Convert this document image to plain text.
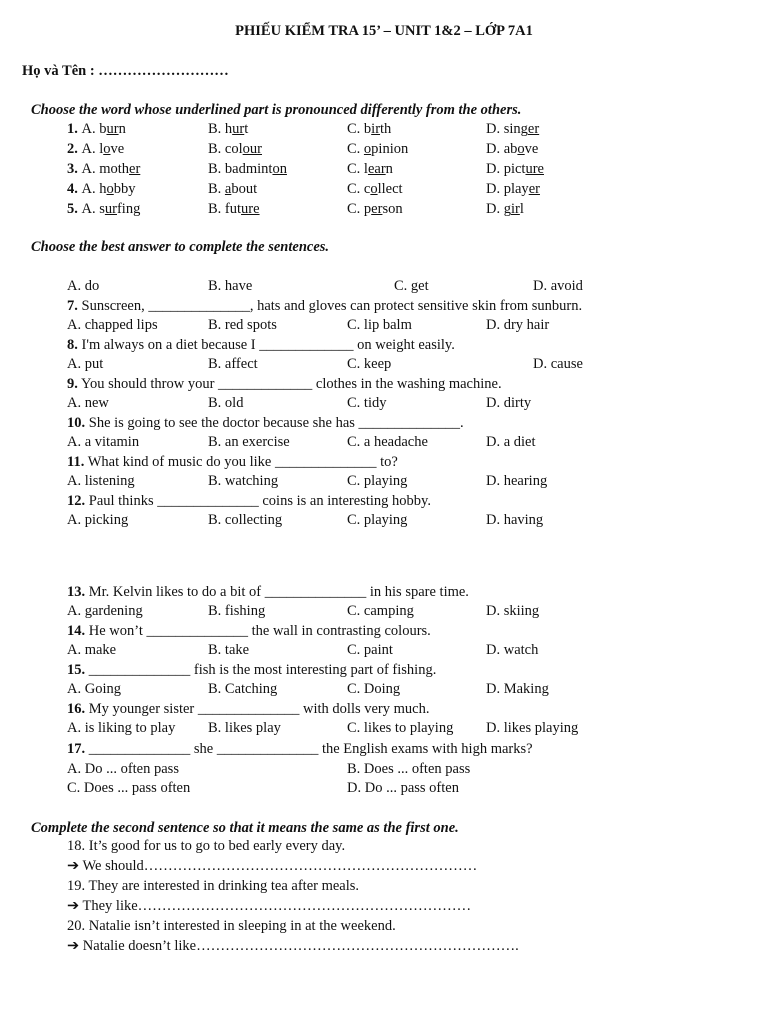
PHIẾU KIỂM TRA 15’ – UNIT 1&2 – LỚP 7A1
Họ và Tên : ………………………
Choose the word whose underlined part is pronounced differently from the others.
1. A. burn	B. hurt	C. birth	D. singer
2. A. love	B. colour	C. opinion	D. above
3. A. mother	B. badminton	C. learn	D. picture
4. A. hobby	B. about	C. collect	D. player
5. A. surfing	B. future	C. person	D. girl
Choose the best answer to complete the sentences.
A. do	B. have	C. get	D. avoid
7. Sunscreen, ______________, hats and gloves can protect sensitive skin from sunburn.
A. chapped lips	B. red spots	C. lip balm	D. dry hair
8. I'm always on a diet because I _____________ on weight easily.
A. put	B. affect	C. keep	D. cause
9. You should throw your _____________ clothes in the washing machine.
A. new	B. old	C. tidy	D. dirty
10. She is going to see the doctor because she has ______________.
A. a vitamin	B. an exercise	C. a headache	D. a diet
11. What kind of music do you like ______________ to?
A. listening	B. watching	C. playing	D. hearing
12. Paul thinks ______________ coins is an interesting hobby.
A. picking	B. collecting	C. playing	D. having
13. Mr. Kelvin likes to do a bit of ______________ in his spare time.
A. gardening	B. fishing	C. camping	D. skiing
14. He won’t ______________ the wall in contrasting colours.
A. make	B. take	C. paint	D. watch
15. ______________ fish is the most interesting part of fishing.
A. Going	B. Catching	C. Doing	D. Making
16. My younger sister ______________ with dolls very much.
A. is liking to play B. likes play	C. likes to playing D. likes playing
17. ______________ she ______________ the English exams with high marks?
A. Do ... often pass	B. Does ... often pass
C. Does ... pass often	D. Do ... pass often
Complete the second sentence so that it means the same as the first one.
18. It’s good for us to go to bed early every day.
➔ We should……………………………………………………………
19. They are interested in drinking tea after meals.
➔ They like……………………………………………………………
20. Natalie isn’t interested in sleeping in at the weekend.
➔ Natalie doesn’t like………………………………………………………….
